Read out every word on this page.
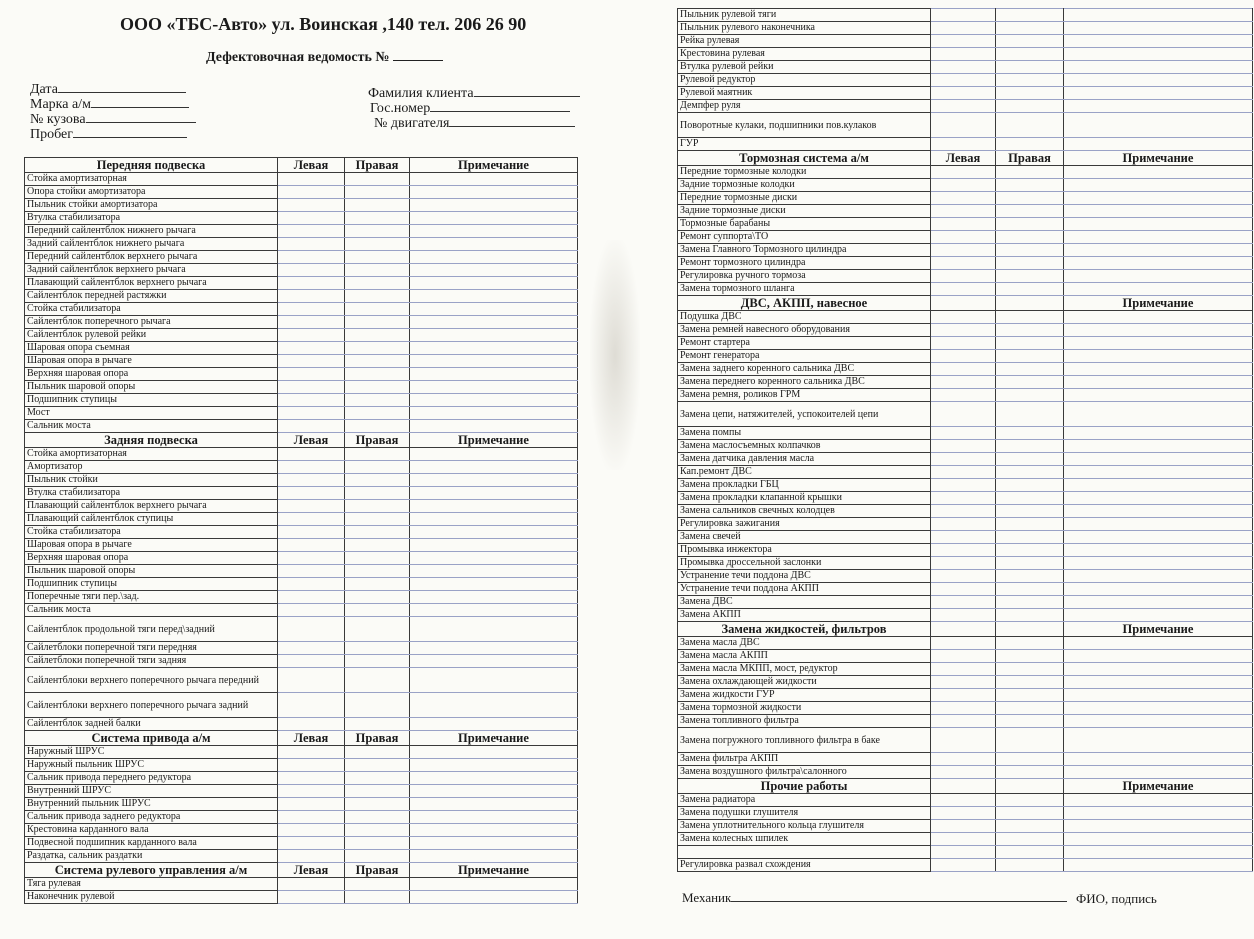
ООО «ТБС-Авто» ул. Воинская ,140 тел. 206 26 90
Дефектовочная ведомость №
Дата
Марка а/м
№ кузова
Пробег
Фамилия клиента
Гос.номер
№ двигателя
Передняя подвеска	Левая	Правая	Примечание
Стойка амортизаторная			
Опора стойки амортизатора			
Пыльник стойки амортизатора			
Втулка стабилизатора			
Передний сайлентблок нижнего рычага			
Задний сайлентблок нижнего рычага			
Передний сайлентблок верхнего рычага			
Задний сайлентблок верхнего рычага			
Плавающий сайлентблок верхнего рычага			
Сайлентблок передней растяжки			
Стойка стабилизатора			
Сайлентблок поперечного рычага			
Сайлентблок рулевой рейки			
Шаровая опора съемная			
Шаровая опора в рычаге			
Верхняя шаровая опора			
Пыльник шаровой опоры			
Подшипник ступицы			
Мост			
Сальник моста			
Задняя подвеска	Левая	Правая	Примечание
Стойка амортизаторная			
Амортизатор			
Пыльник стойки			
Втулка стабилизатора			
Плавающий сайлентблок верхнего рычага			
Плавающий сайлентблок ступицы			
Стойка стабилизатора			
Шаровая опора в рычаге			
Верхняя шаровая опора			
Пыльник шаровой опоры			
Подшипник ступицы			
Поперечные тяги пер.\зад.			
Сальник моста			
Сайлентблок продольной тяги перед\задний			
Сайлетблоки поперечной тяги передняя			
Сайлетблоки поперечной тяги задняя			
Сайлентблоки верхнего поперечного рычага передний			
Сайлентблоки верхнего поперечного рычага задний			
Сайлентблок задней балки			
Система привода а/м	Левая	Правая	Примечание
Наружный ШРУС			
Наружный пыльник ШРУС			
Сальник привода переднего редуктора			
Внутренний ШРУС			
Внутренний пыльник ШРУС			
Сальник привода заднего редуктора			
Крестовина карданного вала			
Подвесной подшипник карданного вала			
Раздатка, сальник раздатки			
Система рулевого управления а/м	Левая	Правая	Примечание
Тяга рулевая			
Наконечник рулевой			
Пыльник рулевой тяги			
Пыльник рулевого наконечника			
Рейка рулевая			
Крестовина рулевая			
Втулка рулевой рейки			
Рулевой редуктор			
Рулевой маятник			
Демпфер руля			
Поворотные кулаки, подшипники пов.кулаков			
ГУР			
Тормозная система а/м	Левая	Правая	Примечание
Передние тормозные колодки			
Задние тормозные колодки			
Передние тормозные диски			
Задние тормозные диски			
Тормозные барабаны			
Ремонт суппорта\ТО			
Замена Главного Тормозного цилиндра			
Ремонт тормозного цилиндра			
Регулировка ручного тормоза			
Замена тормозного шланга			
ДВС, АКПП, навесное			Примечание
Подушка ДВС			
Замена ремней навесного оборудования			
Ремонт стартера			
Ремонт генератора			
Замена заднего коренного сальника ДВС			
Замена переднего коренного сальника ДВС			
Замена ремня, роликов ГРМ			
Замена цепи, натяжителей, успокоителей цепи			
Замена помпы			
Замена маслосъемных колпачков			
Замена датчика давления масла			
Кап.ремонт ДВС			
Замена прокладки ГБЦ			
Замена прокладки клапанной крышки			
Замена сальников свечных колодцев			
Регулировка зажигания			
Замена свечей			
Промывка инжектора			
Промывка дроссельной заслонки			
Устранение течи поддона ДВС			
Устранение течи поддона АКПП			
Замена ДВС			
Замена АКПП			
Замена жидкостей, фильтров			Примечание
Замена масла ДВС			
Замена масла АКПП			
Замена масла МКПП, мост, редуктор			
Замена охлаждающей жидкости			
Замена жидкости ГУР			
Замена тормозной жидкости			
Замена топливного фильтра			
Замена погружного топливного фильтра в баке			
Замена фильтра АКПП			
Замена воздушного фильтра\салонного			
Прочие работы			Примечание
Замена радиатора			
Замена подушки глушителя			
Замена уплотнительного кольца глушителя			
Замена колесных шпилек			

Регулировка развал схождения			
Механик	ФИО, подпись
